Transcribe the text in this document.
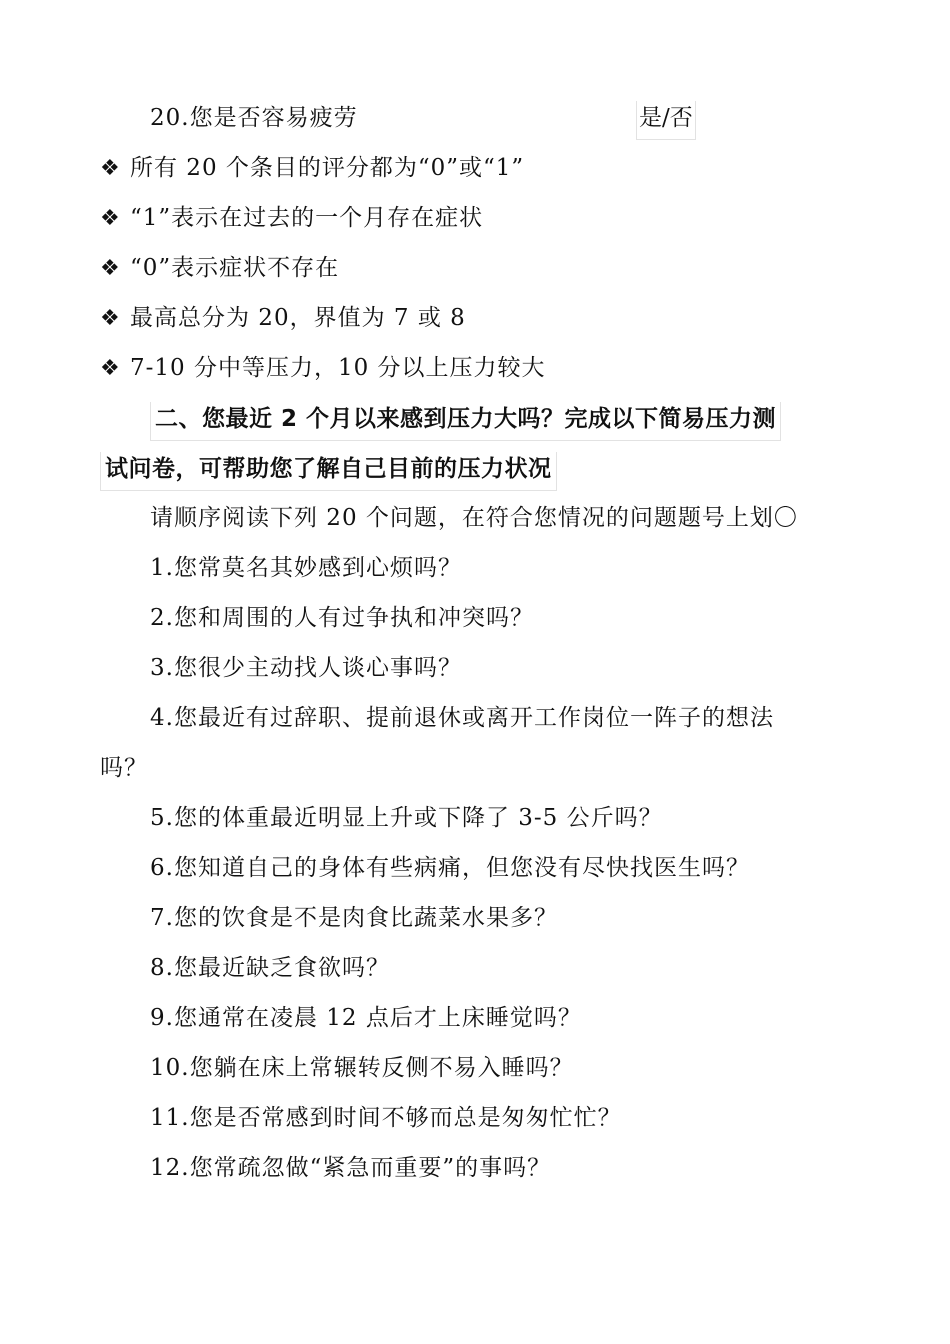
20.您是否容易疲劳	是/否
❖ 所有 20 个条目的评分都为“0”或“1”
❖ “1”表示在过去的一个月存在症状
❖ “0”表示症状不存在
❖ 最高总分为 20，界值为 7 或 8
❖ 7-10 分中等压力，10 分以上压力较大
二、您最近 2 个月以来感到压力大吗？完成以下简易压力测
试问卷，可帮助您了解自己目前的压力状况
请顺序阅读下列 20 个问题，在符合您情况的问题题号上划〇
1.您常莫名其妙感到心烦吗？
2.您和周围的人有过争执和冲突吗？
3.您很少主动找人谈心事吗？
4.您最近有过辞职、提前退休或离开工作岗位一阵子的想法
吗？
5.您的体重最近明显上升或下降了 3-5 公斤吗？
6.您知道自己的身体有些病痛，但您没有尽快找医生吗？
7.您的饮食是不是肉食比蔬菜水果多？
8.您最近缺乏食欲吗？
9.您通常在凌晨 12 点后才上床睡觉吗？
10.您躺在床上常辗转反侧不易入睡吗？
11.您是否常感到时间不够而总是匆匆忙忙？
12.您常疏忽做“紧急而重要”的事吗？
